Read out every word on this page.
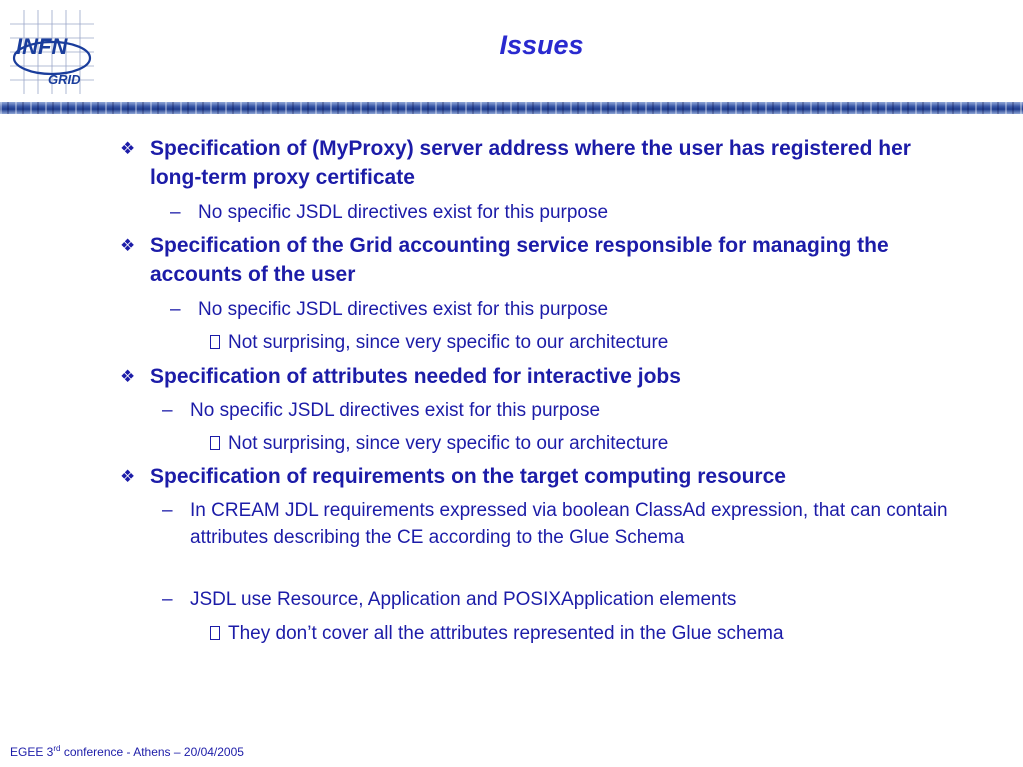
INFN
GRID
Issues
❖ Specification of (MyProxy) server address where the user has registered her long-term proxy certificate
– No specific JSDL directives exist for this purpose
❖ Specification of the Grid accounting service responsible for managing the accounts of the user
– No specific JSDL directives exist for this purpose
Not surprising, since very specific to our architecture
❖ Specification of attributes needed for interactive jobs
– No specific JSDL directives exist for this purpose
Not surprising, since very specific to our architecture
❖ Specification of requirements on the target computing resource
– In CREAM JDL requirements expressed via boolean ClassAd expression, that can contain attributes describing the CE according to the Glue Schema
– JSDL use Resource, Application and POSIXApplication elements
They don’t cover all the attributes represented in the Glue schema
EGEE 3rd conference - Athens – 20/04/2005
